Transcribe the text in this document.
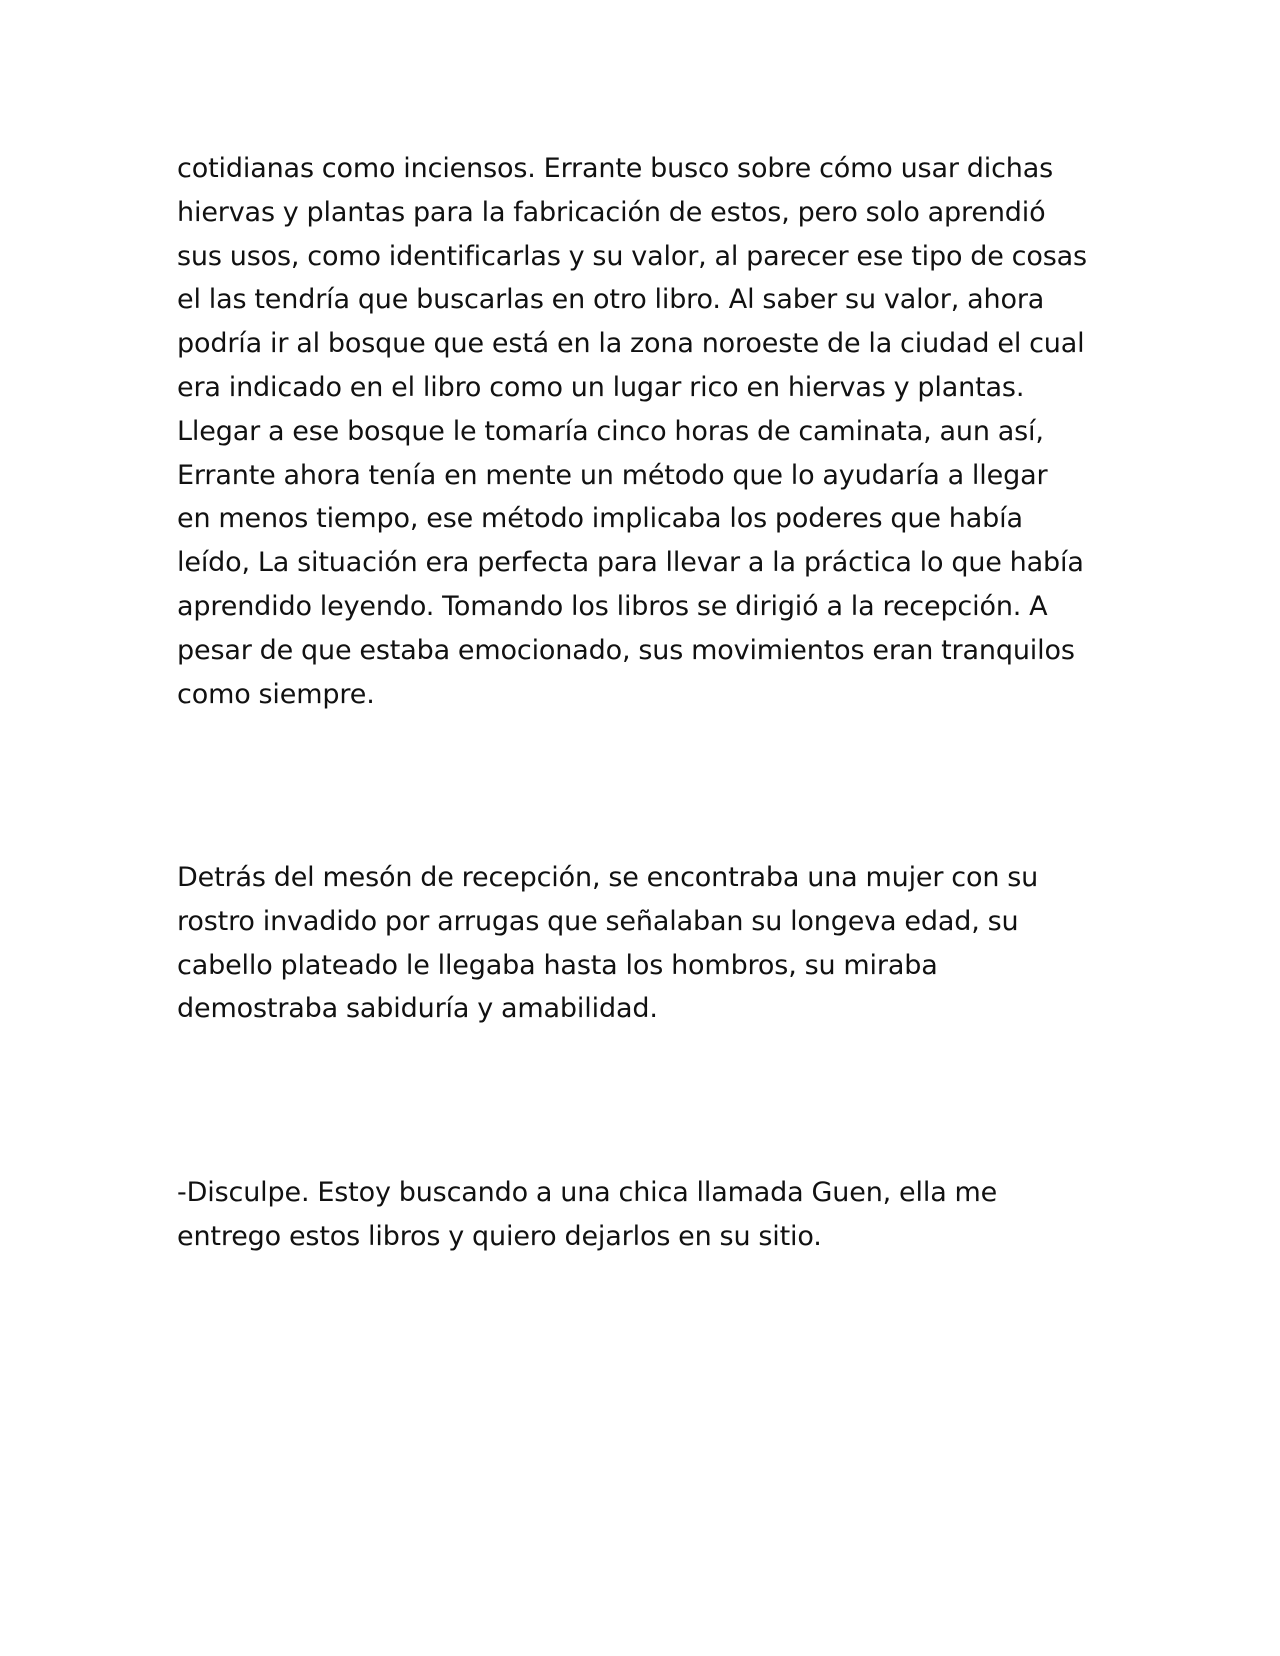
cotidianas como inciensos. Errante busco sobre cómo usar dichas
hiervas y plantas para la fabricación de estos, pero solo aprendió
sus usos, como identificarlas y su valor, al parecer ese tipo de cosas
el las tendría que buscarlas en otro libro. Al saber su valor, ahora
podría ir al bosque que está en la zona noroeste de la ciudad el cual
era indicado en el libro como un lugar rico en hiervas y plantas.
Llegar a ese bosque le tomaría cinco horas de caminata, aun así,
Errante ahora tenía en mente un método que lo ayudaría a llegar
en menos tiempo, ese método implicaba los poderes que había
leído, La situación era perfecta para llevar a la práctica lo que había
aprendido leyendo. Tomando los libros se dirigió a la recepción. A
pesar de que estaba emocionado, sus movimientos eran tranquilos
como siempre.

Detrás del mesón de recepción, se encontraba una mujer con su
rostro invadido por arrugas que señalaban su longeva edad, su
cabello plateado le llegaba hasta los hombros, su miraba
demostraba sabiduría y amabilidad.

-Disculpe. Estoy buscando a una chica llamada Guen, ella me
entrego estos libros y quiero dejarlos en su sitio.
